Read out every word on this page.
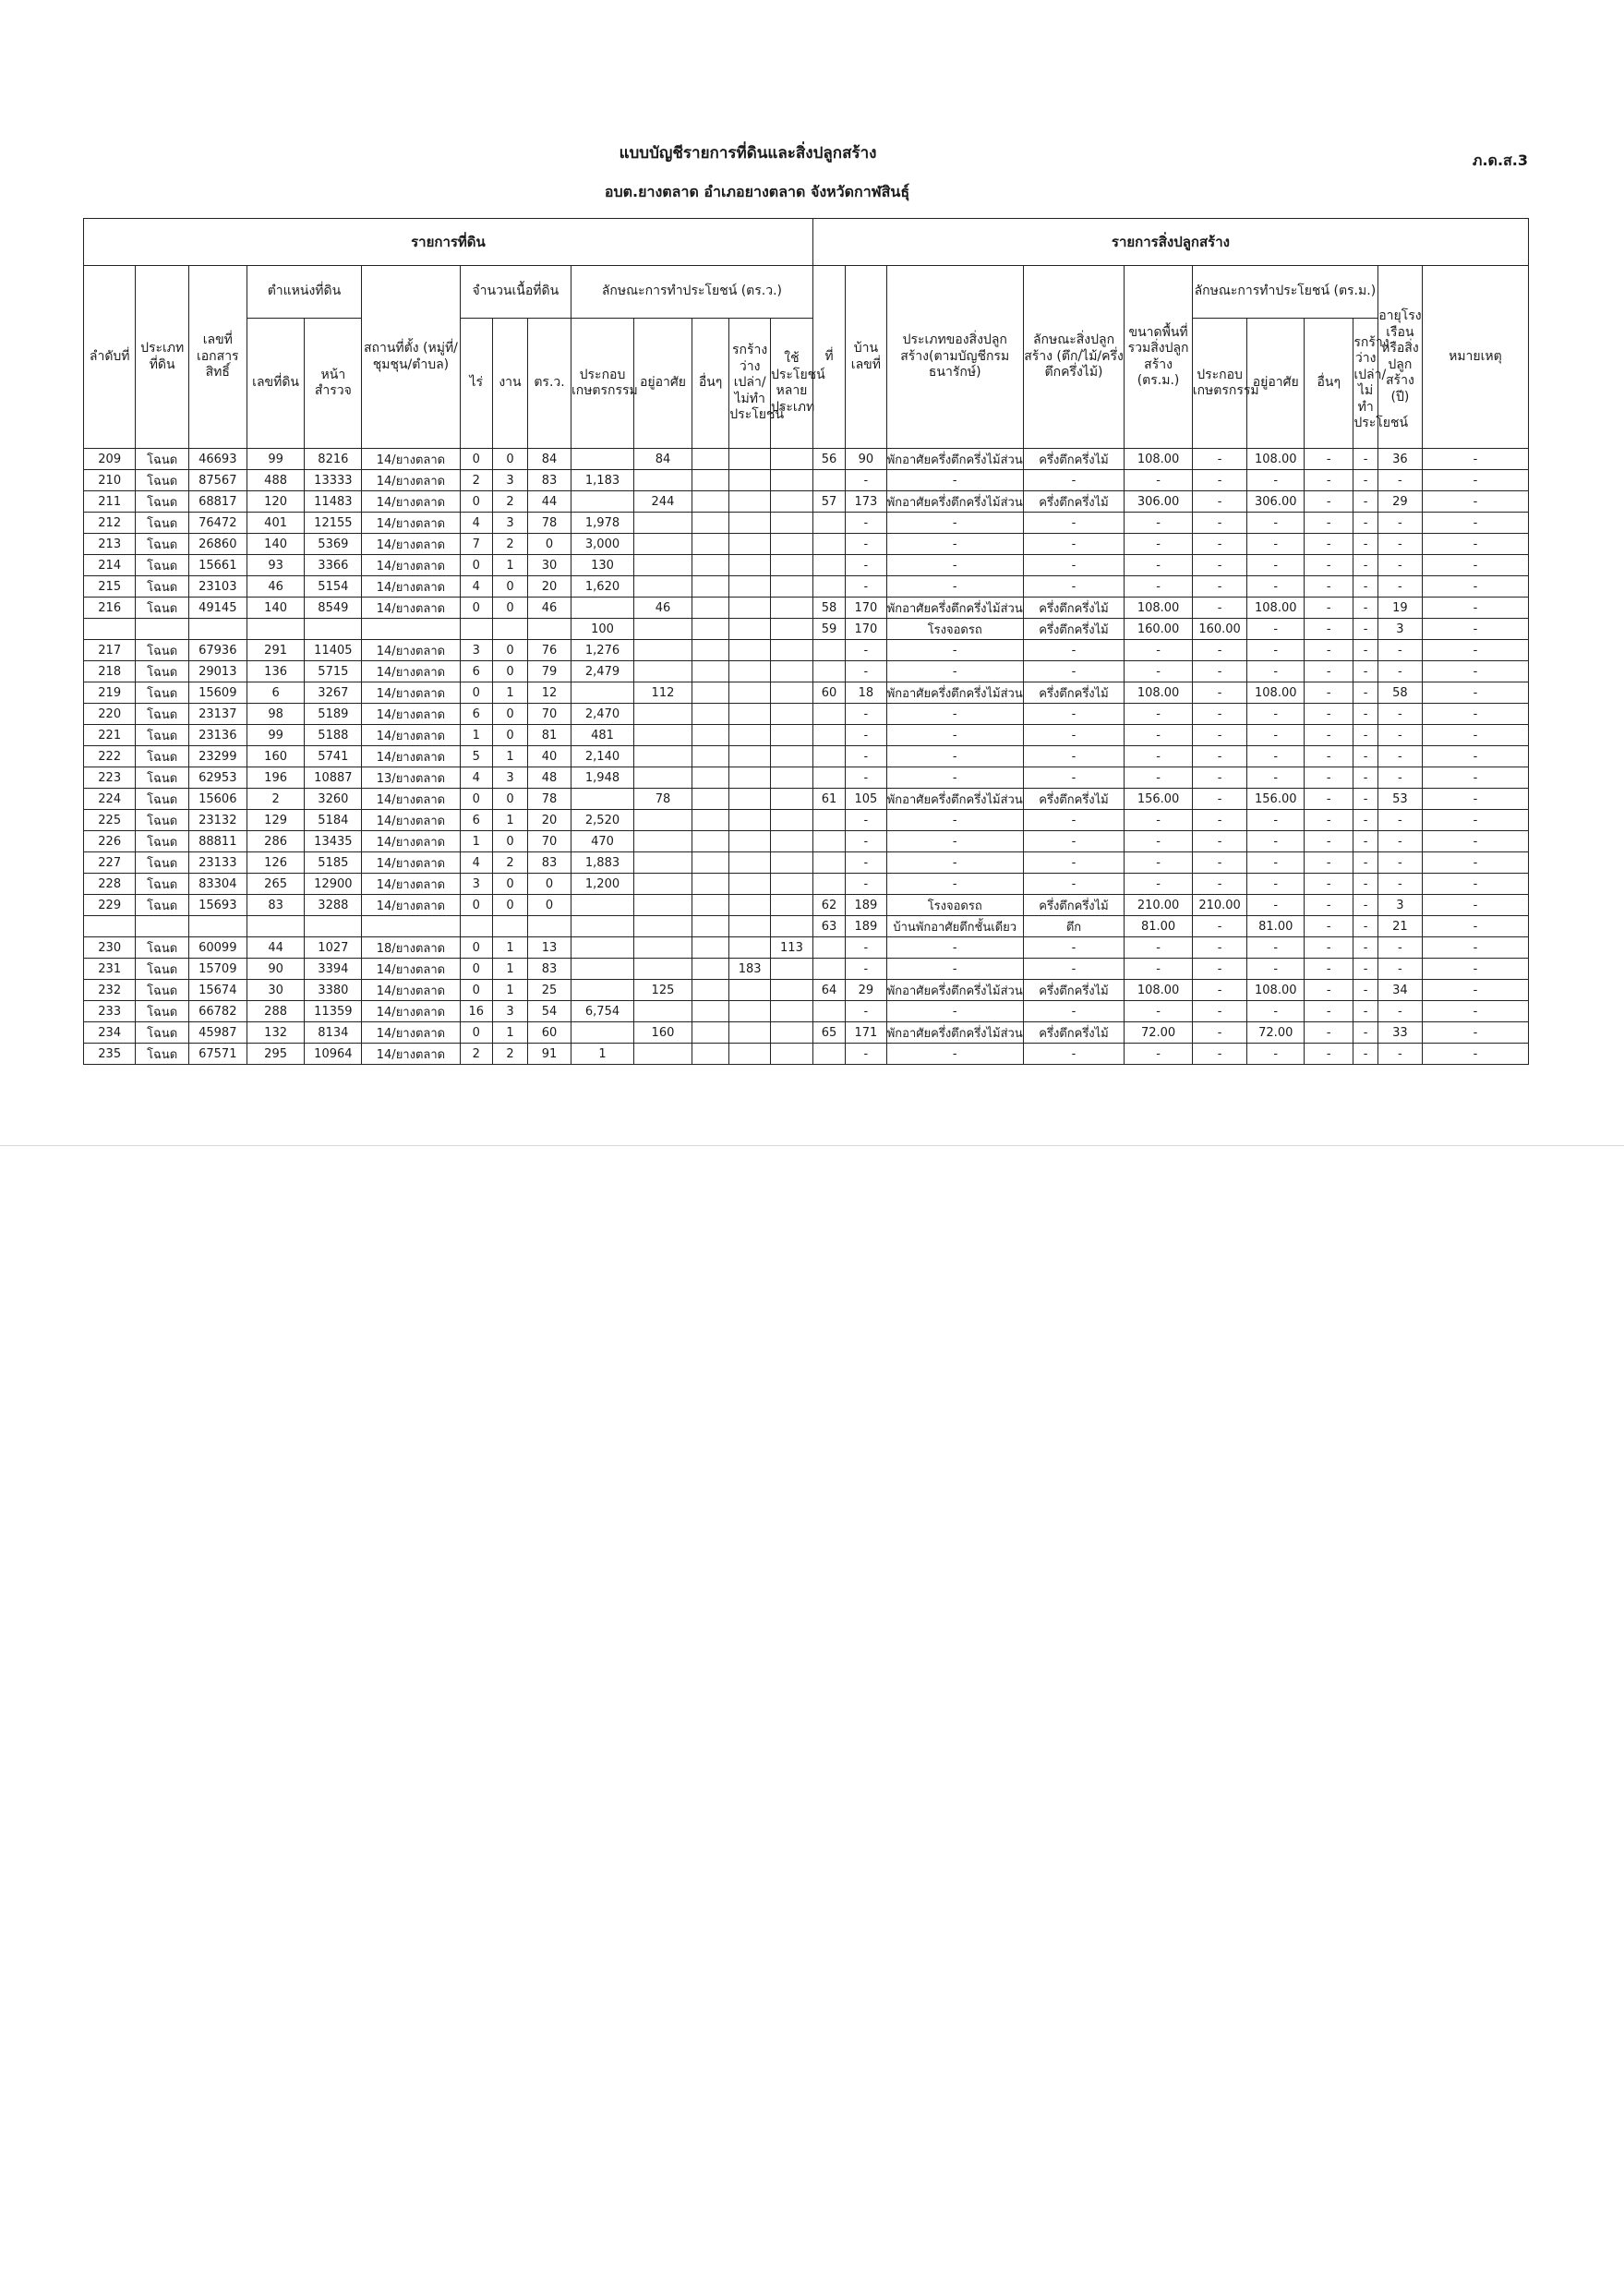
แบบบัญชีรายการที่ดินและสิ่งปลูกสร้าง	ภ.ด.ส.3
อบต.ยางตลาด อำเภอยางตลาด จังหวัดกาฬสินธุ์
รายการที่ดิน														รายการสิ่งปลูกสร้าง										
ลำดับที่	ประเภทที่ดิน	เลขที่เอกสารสิทธิ์	ตำแหน่งที่ดิน		สถานที่ตั้ง (หมู่ที่/ชุมชุน/ตำบล)	จำนวนเนื้อที่ดิน			ลักษณะการทำประโยชน์ (ตร.ว.)					ที่	บ้านเลขที่	ประเภทของสิ่งปลูกสร้าง(ตามบัญชีกรมธนารักษ์)	ลักษณะสิ่งปลูกสร้าง (ตึก/ไม้/ครึ่งตึกครึ่งไม้)	ขนาดพื้นที่รวมสิ่งปลูกสร้าง (ตร.ม.)	ลักษณะการทำประโยชน์ (ตร.ม.)				อายุโรงเรือนหรือสิ่งปลูกสร้าง (ปี)	หมายเหตุ
			เลขที่ดิน	หน้าสำรวจ		ไร่	งาน	ตร.ว.	ประกอบเกษตรกรรม	อยู่อาศัย	อื่นๆ	รกร้างว่างเปล่า/ไม่ทำประโยชน์	ใช้ประโยชน์หลายประเภท						ประกอบเกษตรกรรม	อยู่อาศัย	อื่นๆ	รกร้างว่างเปล่า/ไม่ทำประโยชน์		
209	โฉนด	46693	99	8216	14/ยางตลาด	0	0	84		84				56	90	พักอาศัยครึ่งตึกครึ่งไม้ส่วน	ครึ่งตึกครึ่งไม้	108.00	-	108.00	-	-	36	-
210	โฉนด	87567	488	13333	14/ยางตลาด	2	3	83	1,183						-	-	-	-	-	-	-	-	-	-
211	โฉนด	68817	120	11483	14/ยางตลาด	0	2	44		244				57	173	พักอาศัยครึ่งตึกครึ่งไม้ส่วน	ครึ่งตึกครึ่งไม้	306.00	-	306.00	-	-	29	-
212	โฉนด	76472	401	12155	14/ยางตลาด	4	3	78	1,978						-	-	-	-	-	-	-	-	-	-
213	โฉนด	26860	140	5369	14/ยางตลาด	7	2	0	3,000						-	-	-	-	-	-	-	-	-	-
214	โฉนด	15661	93	3366	14/ยางตลาด	0	1	30	130						-	-	-	-	-	-	-	-	-	-
215	โฉนด	23103	46	5154	14/ยางตลาด	4	0	20	1,620						-	-	-	-	-	-	-	-	-	-
216	โฉนด	49145	140	8549	14/ยางตลาด	0	0	46		46				58	170	พักอาศัยครึ่งตึกครึ่งไม้ส่วน	ครึ่งตึกครึ่งไม้	108.00	-	108.00	-	-	19	-
									100					59	170	โรงจอดรถ	ครึ่งตึกครึ่งไม้	160.00	160.00	-	-	-	3	-
217	โฉนด	67936	291	11405	14/ยางตลาด	3	0	76	1,276						-	-	-	-	-	-	-	-	-	-
218	โฉนด	29013	136	5715	14/ยางตลาด	6	0	79	2,479						-	-	-	-	-	-	-	-	-	-
219	โฉนด	15609	6	3267	14/ยางตลาด	0	1	12		112				60	18	พักอาศัยครึ่งตึกครึ่งไม้ส่วน	ครึ่งตึกครึ่งไม้	108.00	-	108.00	-	-	58	-
220	โฉนด	23137	98	5189	14/ยางตลาด	6	0	70	2,470						-	-	-	-	-	-	-	-	-	-
221	โฉนด	23136	99	5188	14/ยางตลาด	1	0	81	481						-	-	-	-	-	-	-	-	-	-
222	โฉนด	23299	160	5741	14/ยางตลาด	5	1	40	2,140						-	-	-	-	-	-	-	-	-	-
223	โฉนด	62953	196	10887	13/ยางตลาด	4	3	48	1,948						-	-	-	-	-	-	-	-	-	-
224	โฉนด	15606	2	3260	14/ยางตลาด	0	0	78		78				61	105	พักอาศัยครึ่งตึกครึ่งไม้ส่วน	ครึ่งตึกครึ่งไม้	156.00	-	156.00	-	-	53	-
225	โฉนด	23132	129	5184	14/ยางตลาด	6	1	20	2,520						-	-	-	-	-	-	-	-	-	-
226	โฉนด	88811	286	13435	14/ยางตลาด	1	0	70	470						-	-	-	-	-	-	-	-	-	-
227	โฉนด	23133	126	5185	14/ยางตลาด	4	2	83	1,883						-	-	-	-	-	-	-	-	-	-
228	โฉนด	83304	265	12900	14/ยางตลาด	3	0	0	1,200						-	-	-	-	-	-	-	-	-	-
229	โฉนด	15693	83	3288	14/ยางตลาด	0	0	0						62	189	โรงจอดรถ	ครึ่งตึกครึ่งไม้	210.00	210.00	-	-	-	3	-
														63	189	บ้านพักอาศัยตึกชั้นเดียว	ตึก	81.00	-	81.00	-	-	21	-
230	โฉนด	60099	44	1027	18/ยางตลาด	0	1	13					113		-	-	-	-	-	-	-	-	-	-
231	โฉนด	15709	90	3394	14/ยางตลาด	0	1	83				183			-	-	-	-	-	-	-	-	-	-
232	โฉนด	15674	30	3380	14/ยางตลาด	0	1	25		125				64	29	พักอาศัยครึ่งตึกครึ่งไม้ส่วน	ครึ่งตึกครึ่งไม้	108.00	-	108.00	-	-	34	-
233	โฉนด	66782	288	11359	14/ยางตลาด	16	3	54	6,754						-	-	-	-	-	-	-	-	-	-
234	โฉนด	45987	132	8134	14/ยางตลาด	0	1	60		160				65	171	พักอาศัยครึ่งตึกครึ่งไม้ส่วน	ครึ่งตึกครึ่งไม้	72.00	-	72.00	-	-	33	-
235	โฉนด	67571	295	10964	14/ยางตลาด	2	2	91	1						-	-	-	-	-	-	-	-	-	-
